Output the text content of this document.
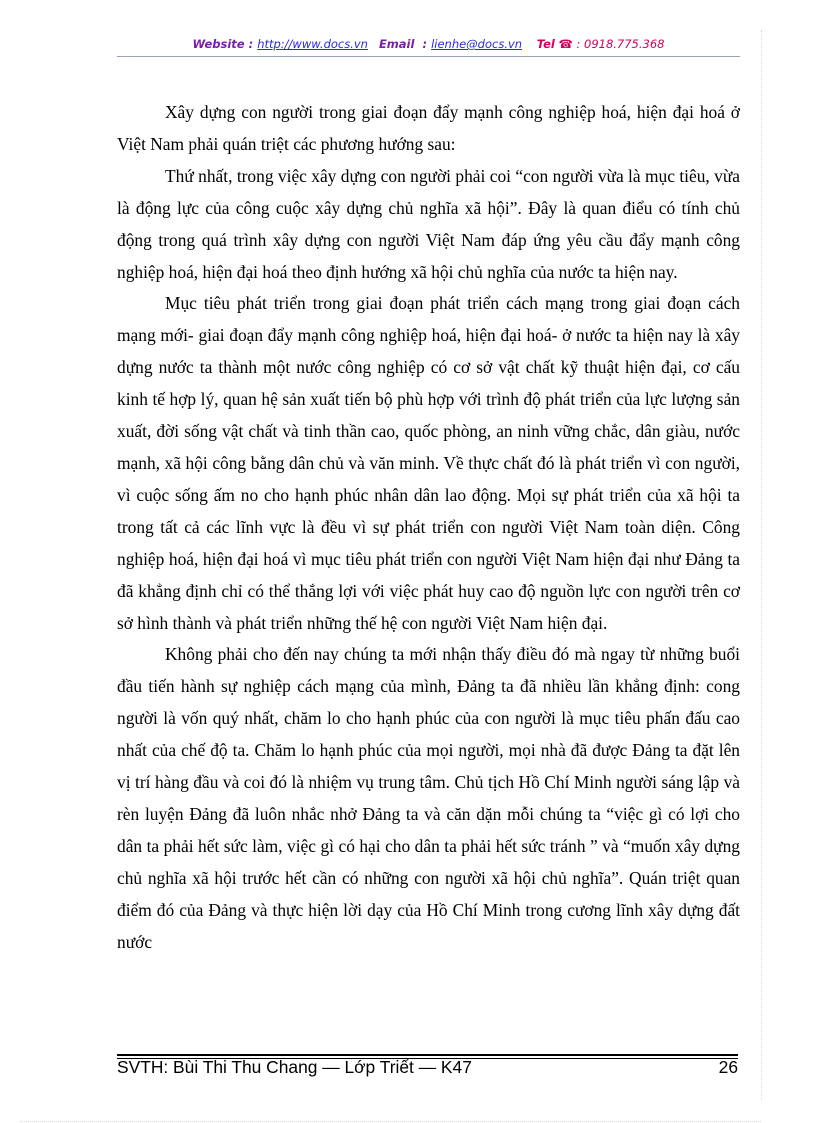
Website : http://www.docs.vn Email  : lienhe@docs.vn Tel ☎ : 0918.775.368

Xây dựng con người trong giai đoạn đẩy mạnh công nghiệp hoá, hiện đại hoá ở Việt Nam phải quán triệt các phương hướng sau:

Thứ nhất, trong việc xây dựng con người phải coi “con người vừa là mục tiêu, vừa là động lực của công cuộc xây dựng chủ nghĩa xã hội”. Đây là quan điểu có tính chủ động trong quá trình xây dựng con người Việt Nam đáp ứng yêu cầu đẩy mạnh công nghiệp hoá, hiện đại hoá theo định hướng xã hội chủ nghĩa của nước ta hiện nay.

Mục tiêu phát triển trong giai đoạn phát triển cách mạng trong giai đoạn cách mạng mới- giai đoạn đẩy mạnh công nghiệp hoá, hiện đại hoá- ở nước ta hiện nay là xây dựng nước ta thành một nước công nghiệp có cơ sở vật chất kỹ thuật hiện đại, cơ cấu kinh tế hợp lý, quan hệ sản xuất tiến bộ phù hợp với trình độ phát triển của lực lượng sản xuất, đời sống vật chất và tinh thần cao, quốc phòng, an ninh vững chắc, dân giàu, nước mạnh, xã hội công bằng dân chủ và văn minh. Về thực chất đó là phát triển vì con người, vì cuộc sống ấm no cho hạnh phúc nhân dân lao động. Mọi sự phát triển của xã hội ta trong tất cả các lĩnh vực là đều vì sự phát triển con người Việt Nam toàn diện. Công nghiệp hoá, hiện đại hoá vì mục tiêu phát triển con người Việt Nam hiện đại như Đảng ta đã khẳng định chỉ có thể thắng lợi với việc phát huy cao độ nguồn lực con người trên cơ sở hình thành và phát triển những thế hệ con người Việt Nam hiện đại.

Không phải cho đến nay chúng ta mới nhận thấy điều đó mà ngay từ những buổi đầu tiến hành sự nghiệp cách mạng của mình, Đảng ta đã nhiều lần khẳng định: cong người là vốn quý nhất, chăm lo cho hạnh phúc của con người là mục tiêu phấn đấu cao nhất của chế độ ta. Chăm lo hạnh phúc của mọi người, mọi nhà đã được Đảng ta đặt lên vị trí hàng đầu và coi đó là nhiệm vụ trung tâm. Chủ tịch Hồ Chí Minh người sáng lập và rèn luyện Đảng đã luôn nhắc nhở Đảng ta và căn dặn mỗi chúng ta “việc gì có lợi cho dân ta phải hết sức làm, việc gì có hại cho dân ta phải hết sức tránh ” và “muốn xây dựng chủ nghĩa xã hội trước hết cần có những con người xã hội chủ nghĩa”. Quán triệt quan điểm đó của Đảng và thực hiện lời dạy của Hồ Chí Minh trong cương lĩnh xây dựng đất nước

SVTH: Bùi Thi Thu Chang — Lớp Triết — K47	26
